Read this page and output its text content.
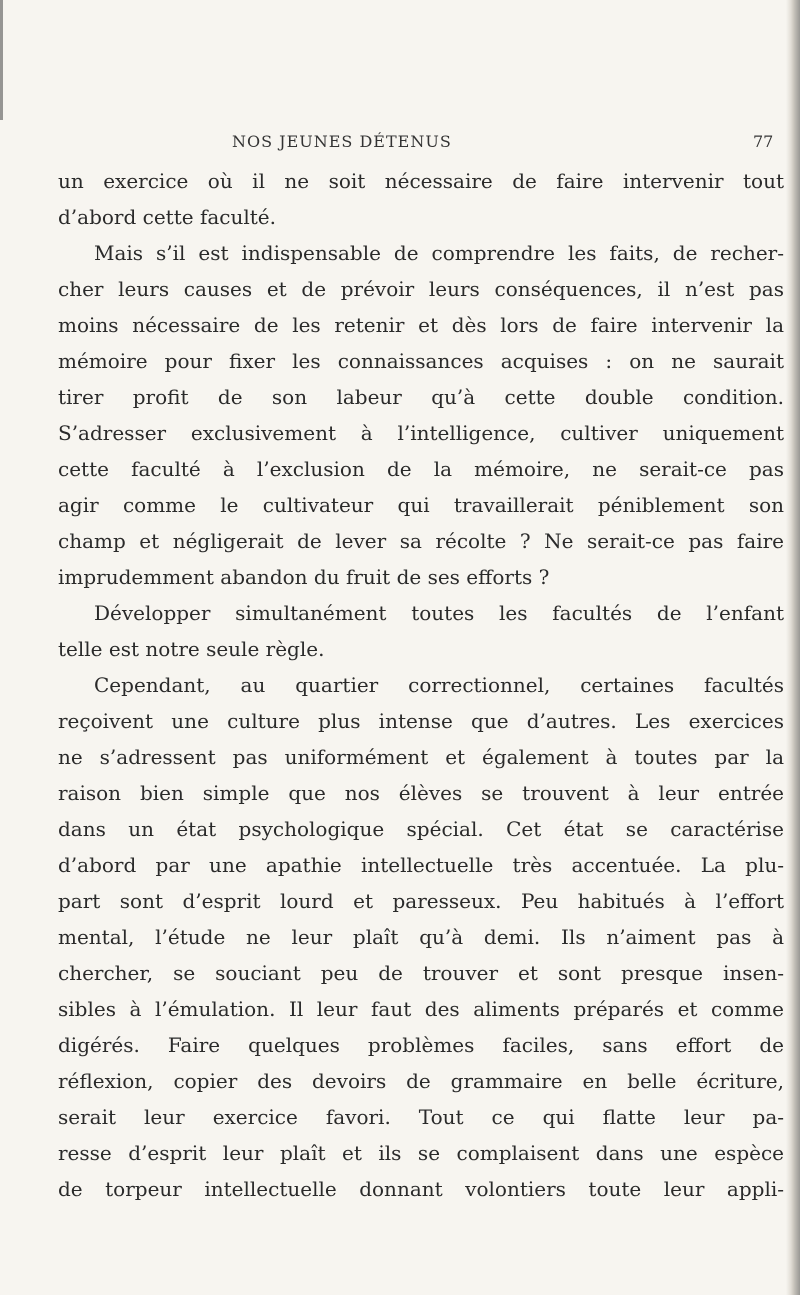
NOS JEUNES DÉTENUS	77
un exercice où il ne soit nécessaire de faire intervenir tout
d’abord cette faculté.
Mais s’il est indispensable de comprendre les faits, de recher-
cher leurs causes et de prévoir leurs conséquences, il n’est pas
moins nécessaire de les retenir et dès lors de faire intervenir la
mémoire pour fixer les connaissances acquises : on ne saurait
tirer profit de son labeur qu’à cette double condition.
S’adresser exclusivement à l’intelligence, cultiver uniquement
cette faculté à l’exclusion de la mémoire, ne serait-ce pas
agir comme le cultivateur qui travaillerait péniblement son
champ et négligerait de lever sa récolte ? Ne serait-ce pas faire
imprudemment abandon du fruit de ses efforts ?
Développer simultanément toutes les facultés de l’enfant
telle est notre seule règle.
Cependant, au quartier correctionnel, certaines facultés
reçoivent une culture plus intense que d’autres. Les exercices
ne s’adressent pas uniformément et également à toutes par la
raison bien simple que nos élèves se trouvent à leur entrée
dans un état psychologique spécial. Cet état se caractérise
d’abord par une apathie intellectuelle très accentuée. La plu-
part sont d’esprit lourd et paresseux. Peu habitués à l’effort
mental, l’étude ne leur plaît qu’à demi. Ils n’aiment pas à
chercher, se souciant peu de trouver et sont presque insen-
sibles à l’émulation. Il leur faut des aliments préparés et comme
digérés. Faire quelques problèmes faciles, sans effort de
réflexion, copier des devoirs de grammaire en belle écriture,
serait leur exercice favori. Tout ce qui flatte leur pa-
resse d’esprit leur plaît et ils se complaisent dans une espèce
de torpeur intellectuelle donnant volontiers toute leur appli-
